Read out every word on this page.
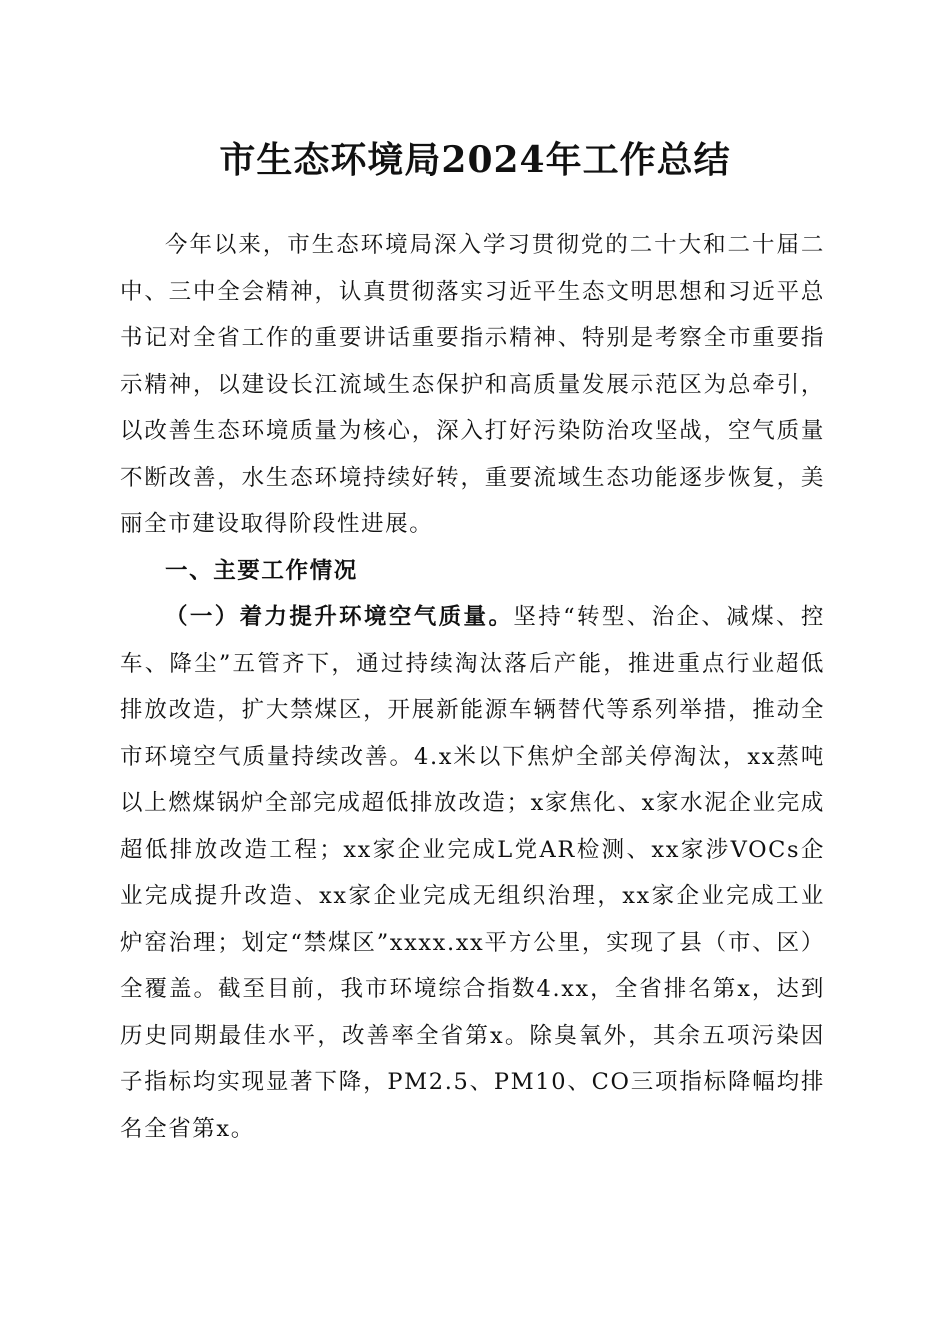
市生态环境局2024年工作总结

今年以来，市生态环境局深入学习贯彻党的二十大和二十届二中、三中全会精神，认真贯彻落实习近平生态文明思想和习近平总书记对全省工作的重要讲话重要指示精神、特别是考察全市重要指示精神，以建设长江流域生态保护和高质量发展示范区为总牵引，以改善生态环境质量为核心，深入打好污染防治攻坚战，空气质量不断改善，水生态环境持续好转，重要流域生态功能逐步恢复，美丽全市建设取得阶段性进展。

一、主要工作情况

（一）着力提升环境空气质量。坚持“转型、治企、减煤、控车、降尘”五管齐下，通过持续淘汰落后产能，推进重点行业超低排放改造，扩大禁煤区，开展新能源车辆替代等系列举措，推动全市环境空气质量持续改善。4.x米以下焦炉全部关停淘汰，xx蒸吨以上燃煤锅炉全部完成超低排放改造；x家焦化、x家水泥企业完成超低排放改造工程；xx家企业完成L党AR检测、xx家涉VOCs企业完成提升改造、xx家企业完成无组织治理，xx家企业完成工业炉窑治理；划定“禁煤区”xxxx.xx平方公里，实现了县（市、区）全覆盖。截至目前，我市环境综合指数4.xx，全省排名第x，达到历史同期最佳水平，改善率全省第x。除臭氧外，其余五项污染因子指标均实现显著下降，PM2.5、PM10、CO三项指标降幅均排名全省第x。
